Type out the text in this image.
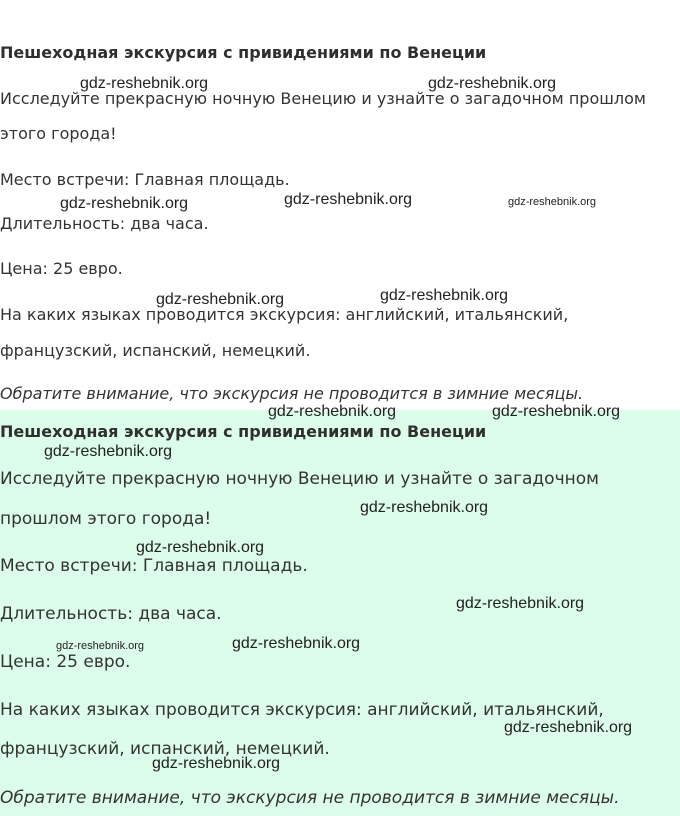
Пешеходная экскурсия с привидениями по Венеции
Исследуйте прекрасную ночную Венецию и узнайте о загадочном прошлом
этого города!
Место встречи: Главная площадь.
Длительность: два часа.
Цена: 25 евро.
На каких языках проводится экскурсия: английский, итальянский,
французский, испанский, немецкий.
Обратите внимание, что экскурсия не проводится в зимние месяцы.
gdz-reshebnik.org	gdz-reshebnik.org
gdz-reshebnik.org	gdz-reshebnik.org	gdz-reshebnik.org
gdz-reshebnik.org	gdz-reshebnik.org
Пешеходная экскурсия с привидениями по Венеции
Исследуйте прекрасную ночную Венецию и узнайте о загадочном
прошлом этого города!
Место встречи: Главная площадь.
Длительность: два часа.
Цена: 25 евро.
На каких языках проводится экскурсия: английский, итальянский,
французский, испанский, немецкий.
Обратите внимание, что экскурсия не проводится в зимние месяцы.
gdz-reshebnik.org	gdz-reshebnik.org
gdz-reshebnik.org
gdz-reshebnik.org
gdz-reshebnik.org
gdz-reshebnik.org
gdz-reshebnik.org	gdz-reshebnik.org
gdz-reshebnik.org
gdz-reshebnik.org
